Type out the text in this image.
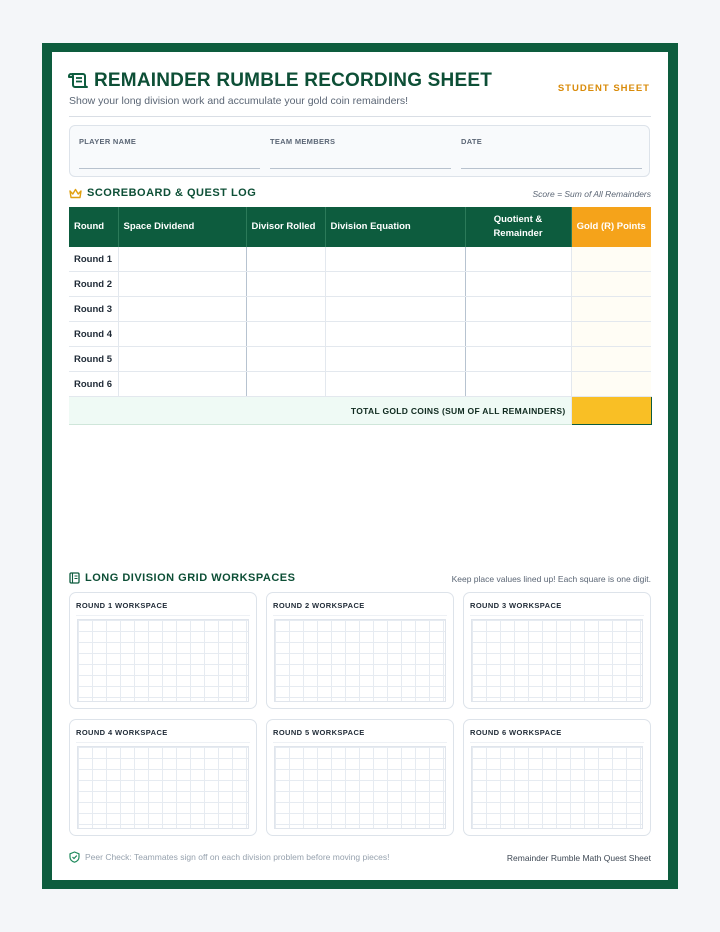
REMAINDER RUMBLE RECORDING SHEET
Show your long division work and accumulate your gold coin remainders!
STUDENT SHEET
PLAYER NAME	TEAM MEMBERS	DATE
SCOREBOARD & QUEST LOG	Score = Sum of All Remainders
Round	Space Dividend	Divisor Rolled	Division Equation	Quotient & Remainder	Gold (R) Points
Round 1					
Round 2					
Round 3					
Round 4					
Round 5					
Round 6					
TOTAL GOLD COINS (SUM OF ALL REMAINDERS)					
LONG DIVISION GRID WORKSPACES	Keep place values lined up! Each square is one digit.
ROUND 1 WORKSPACE	ROUND 2 WORKSPACE	ROUND 3 WORKSPACE
ROUND 4 WORKSPACE	ROUND 5 WORKSPACE	ROUND 6 WORKSPACE
Peer Check: Teammates sign off on each division problem before moving pieces!	Remainder Rumble Math Quest Sheet
